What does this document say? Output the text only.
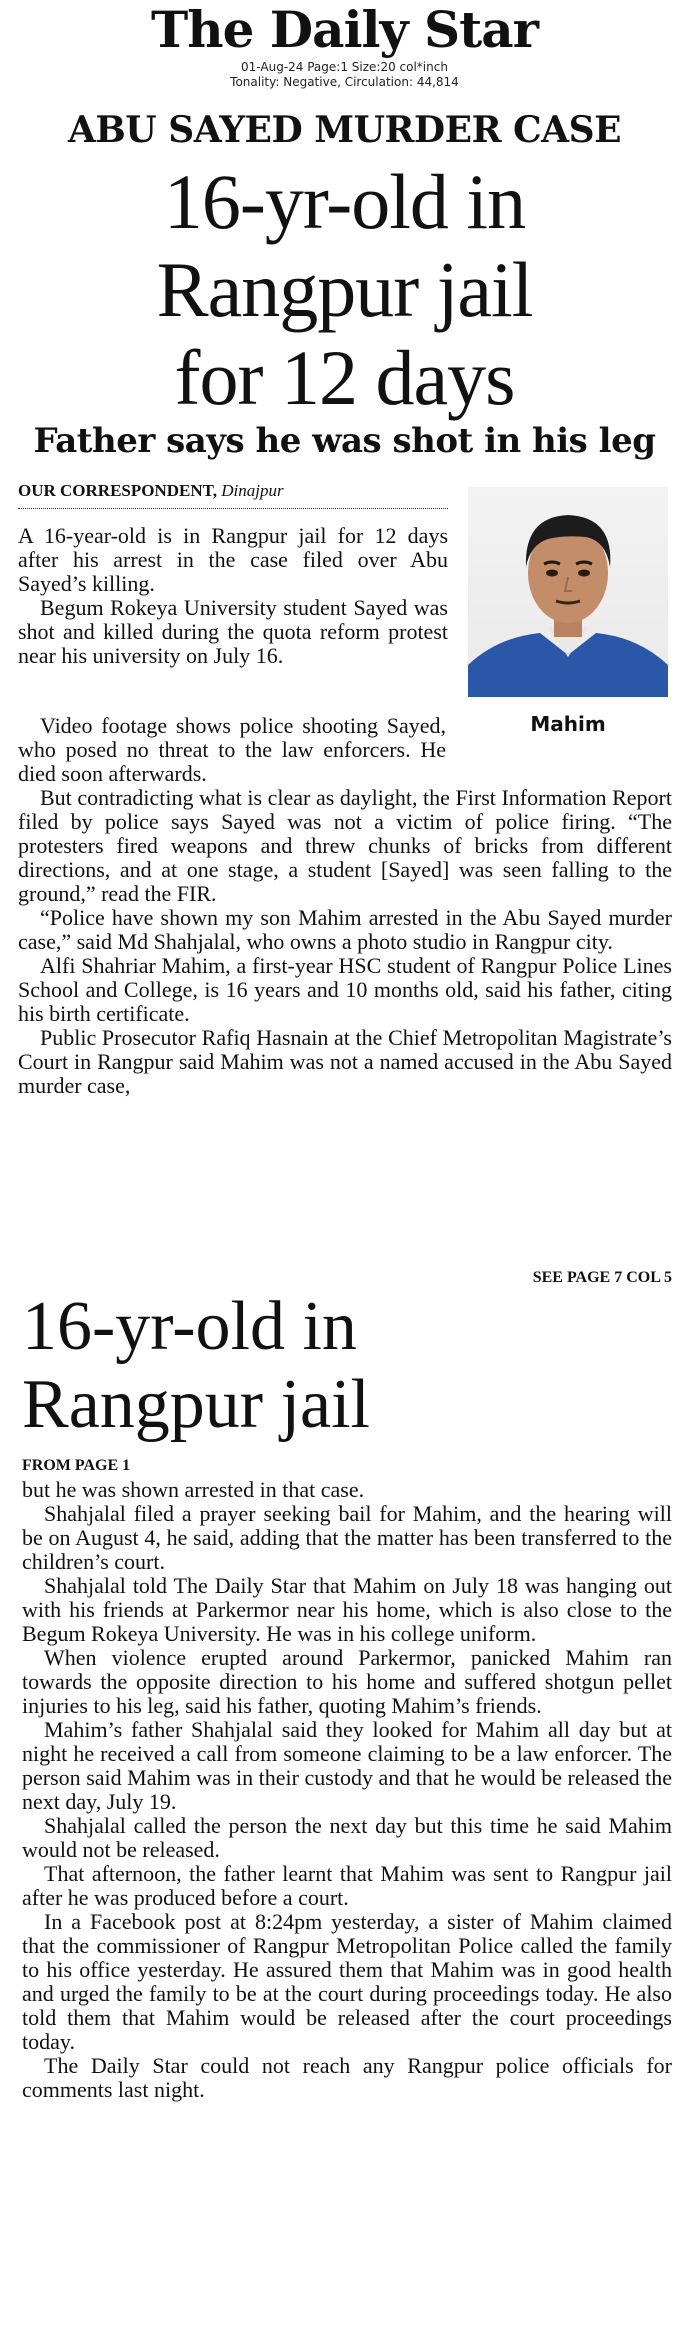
The Daily Star
01-Aug-24 Page:1 Size:20 col*inch
Tonality: Negative, Circulation: 44,814
ABU SAYED MURDER CASE
16-yr-old in
Rangpur jail
for 12 days
Father says he was shot in his leg
OUR CORRESPONDENT, Dinajpur
Mahim

A 16-year-old is in Rangpur jail for 12 days after his arrest in the case filed over Abu Sayed’s killing.

Begum Rokeya University student Sayed was shot and killed during the quota reform protest near his university on July 16.

Video footage shows police shooting Sayed, who posed no threat to the law enforcers. He died soon afterwards.

But contradicting what is clear as daylight, the First Information Report filed by police says Sayed was not a victim of police firing. “The protesters fired weapons and threw chunks of bricks from different directions, and at one stage, a student [Sayed] was seen falling to the ground,” read the FIR.

“Police have shown my son Mahim arrested in the Abu Sayed murder case,” said Md Shahjalal, who owns a photo studio in Rangpur city.

Alfi Shahriar Mahim, a first-year HSC student of Rangpur Police Lines School and College, is 16 years and 10 months old, said his father, citing his birth certificate.

Public Prosecutor Rafiq Hasnain at the Chief Metropolitan Magistrate’s Court in Rangpur said Mahim was not a named accused in the Abu Sayed murder case,

SEE PAGE 7 COL 5
16-yr-old in
Rangpur jail
FROM PAGE 1

but he was shown arrested in that case.

Shahjalal filed a prayer seeking bail for Mahim, and the hearing will be on August 4, he said, adding that the matter has been transferred to the children’s court.

Shahjalal told The Daily Star that Mahim on July 18 was hanging out with his friends at Parkermor near his home, which is also close to the Begum Rokeya University. He was in his college uniform.

When violence erupted around Parkermor, panicked Mahim ran towards the opposite direction to his home and suffered shotgun pellet injuries to his leg, said his father, quoting Mahim’s friends.

Mahim’s father Shahjalal said they looked for Mahim all day but at night he received a call from someone claiming to be a law enforcer. The person said Mahim was in their custody and that he would be released the next day, July 19.

Shahjalal called the person the next day but this time he said Mahim would not be released.

That afternoon, the father learnt that Mahim was sent to Rangpur jail after he was produced before a court.

In a Facebook post at 8:24pm yesterday, a sister of Mahim claimed that the commissioner of Rangpur Metropolitan Police called the family to his office yesterday. He assured them that Mahim was in good health and urged the family to be at the court during proceedings today. He also told them that Mahim would be released after the court proceedings today.

The Daily Star could not reach any Rangpur police officials for comments last night.
